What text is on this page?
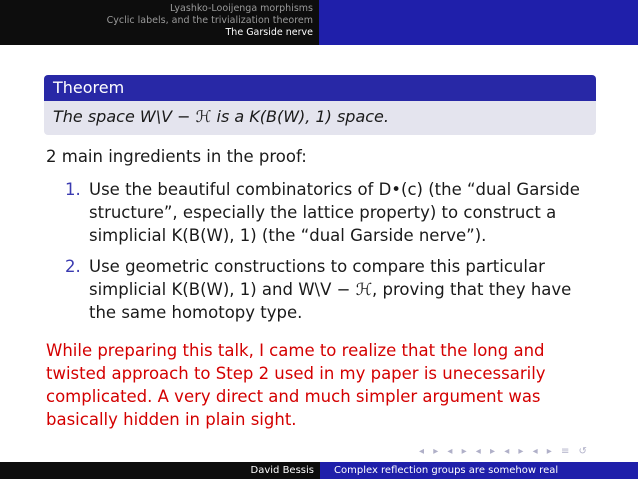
Lyashko-Looijenga morphisms
Cyclic labels, and the trivialization theorem
The Garside nerve
Theorem
The space W\V − ℋ is a K(B(W), 1) space.
2 main ingredients in the proof:
1. Use the beautiful combinatorics of D•(c) (the “dual Garside
structure”, especially the lattice property) to construct a
simplicial K(B(W), 1) (the “dual Garside nerve”).
2. Use geometric constructions to compare this particular
simplicial K(B(W), 1) and W\V − ℋ, proving that they have
the same homotopy type.
While preparing this talk, I came to realize that the long and
twisted approach to Step 2 used in my paper is unecessarily
complicated. A very direct and much simpler argument was
basically hidden in plain sight.
◂ ▸ ◂ ▸ ◂ ▸ ◂ ▸ ◂ ▸ ≡ ↺
David Bessis Complex reflection groups are somehow real
